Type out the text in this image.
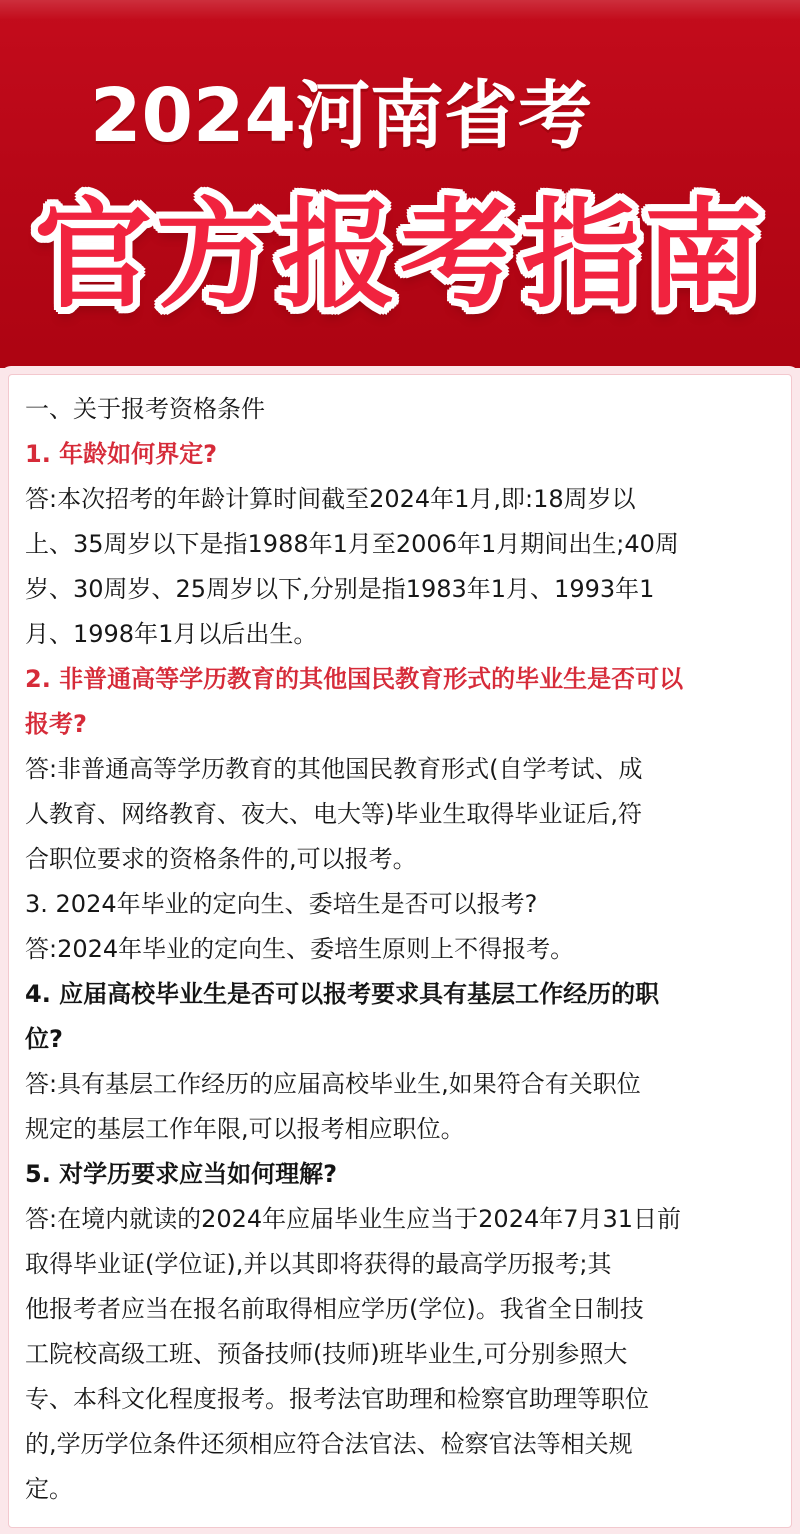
2024河南省考
官方报考指南
一、关于报考资格条件
1. 年龄如何界定?
答:本次招考的年龄计算时间截至2024年1月,即:18周岁以
上、35周岁以下是指1988年1月至2006年1月期间出生;40周
岁、30周岁、25周岁以下,分别是指1983年1月、1993年1
月、1998年1月以后出生。
2. 非普通高等学历教育的其他国民教育形式的毕业生是否可以
报考?
答:非普通高等学历教育的其他国民教育形式(自学考试、成
人教育、网络教育、夜大、电大等)毕业生取得毕业证后,符
合职位要求的资格条件的,可以报考。
3. 2024年毕业的定向生、委培生是否可以报考?
答:2024年毕业的定向生、委培生原则上不得报考。
4. 应届高校毕业生是否可以报考要求具有基层工作经历的职
位?
答:具有基层工作经历的应届高校毕业生,如果符合有关职位
规定的基层工作年限,可以报考相应职位。
5. 对学历要求应当如何理解?
答:在境内就读的2024年应届毕业生应当于2024年7月31日前
取得毕业证(学位证),并以其即将获得的最高学历报考;其
他报考者应当在报名前取得相应学历(学位)。我省全日制技
工院校高级工班、预备技师(技师)班毕业生,可分别参照大
专、本科文化程度报考。报考法官助理和检察官助理等职位
的,学历学位条件还须相应符合法官法、检察官法等相关规
定。
